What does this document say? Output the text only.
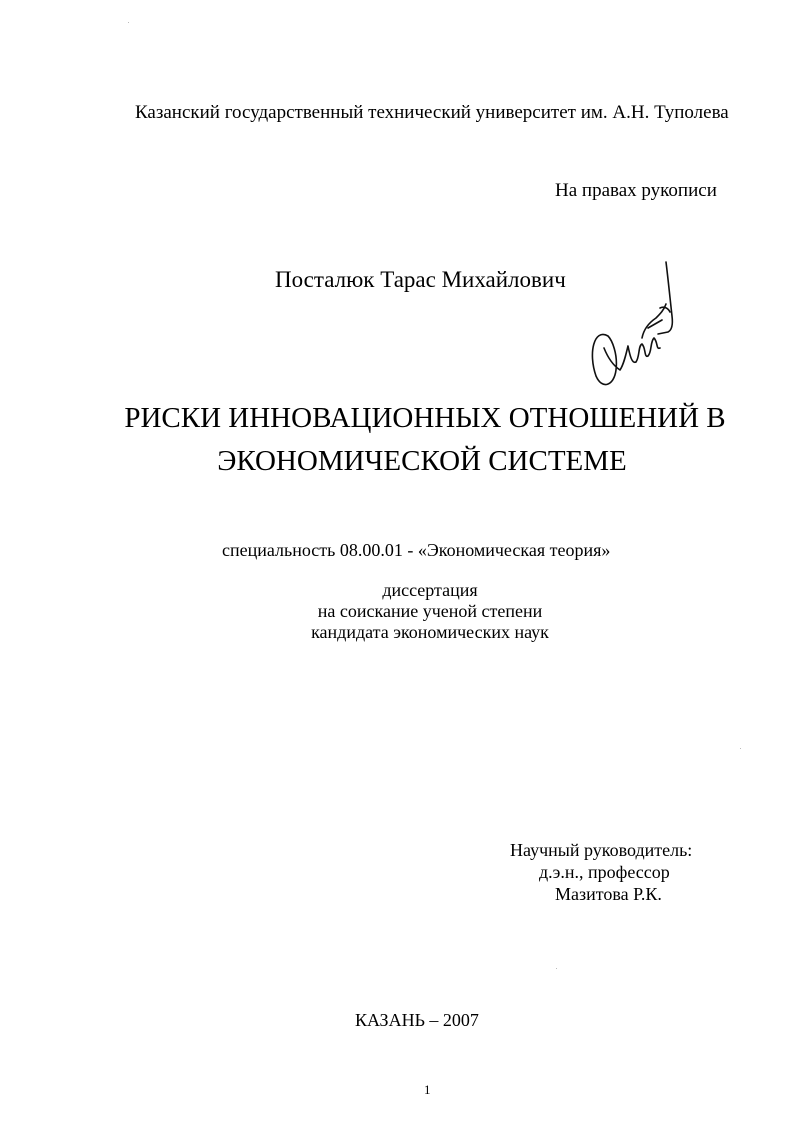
Казанский государственный технический университет им. А.Н. Туполева
На правах рукописи
Посталюк Тарас Михайлович
РИСКИ ИННОВАЦИОННЫХ ОТНОШЕНИЙ В
ЭКОНОМИЧЕСКОЙ СИСТЕМЕ
специальность 08.00.01 - «Экономическая теория»
диссертация
на соискание ученой степени
кандидата экономических наук
Научный руководитель:
д.э.н., профессор
Мазитова Р.К.
КАЗАНЬ – 2007
1
